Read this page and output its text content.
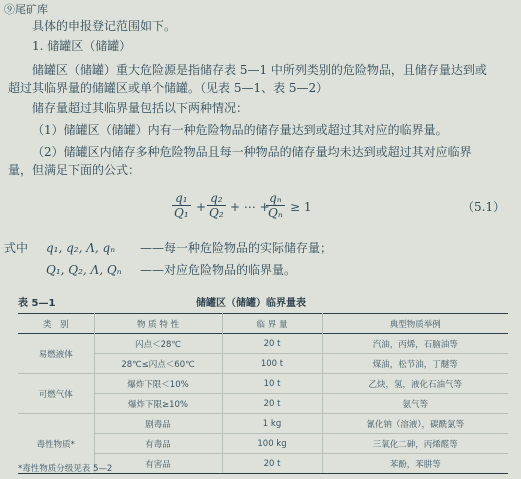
⑨尾矿库
具体的申报登记范围如下。
1. 储罐区（储罐）
储罐区（储罐）重大危险源是指储存表 5—1 中所列类别的危险物品，且储存量达到或
超过其临界量的储罐区或单个储罐。（见表 5—1、表 5—2）
储存量超过其临界量包括以下两种情况：
（1）储罐区（储罐）内有一种危险物品的储存量达到或超过其对应的临界量。
（2）储罐区内储存多种危险物品且每一种物品的储存量均未达到或超过其对应临界
量，但满足下面的公式：
$\frac{\text{q₁}}{\text{Q₁}} + \frac{\text{q₂}}{\text{Q₂}}$ + ⋯ +
$\frac{\text{qₙ}}{\text{Qₙ}} \ge 1$	（5.1）
式中 q₁, q₂, Λ, qₙ ——每一种危险物品的实际储存量；
Q₁, Q₂, Λ, Qₙ ——对应危险物品的临界量。
表 5—1	储罐区（储罐）临界量表
类　别	物 质 特 性	临 界 量	典型物质举例
易燃液体	闪点＜28℃	20 t	汽油，丙烯，石脑油等
	28℃≤闪点＜60℃	100 t	煤油，松节油，丁醚等
可燃气体	爆炸下限＜10%	10 t	乙炔，氢，液化石油气等
	爆炸下限≥10%	20 t	氨气等
毒性物质*	剧毒品	1 kg	氰化钠（溶液），碳酰氯等
	有毒品	100 kg	三氧化二砷，丙烯醛等
	有害品	20 t	苯酚，苯肼等
*毒性物质分级见表 5—2
